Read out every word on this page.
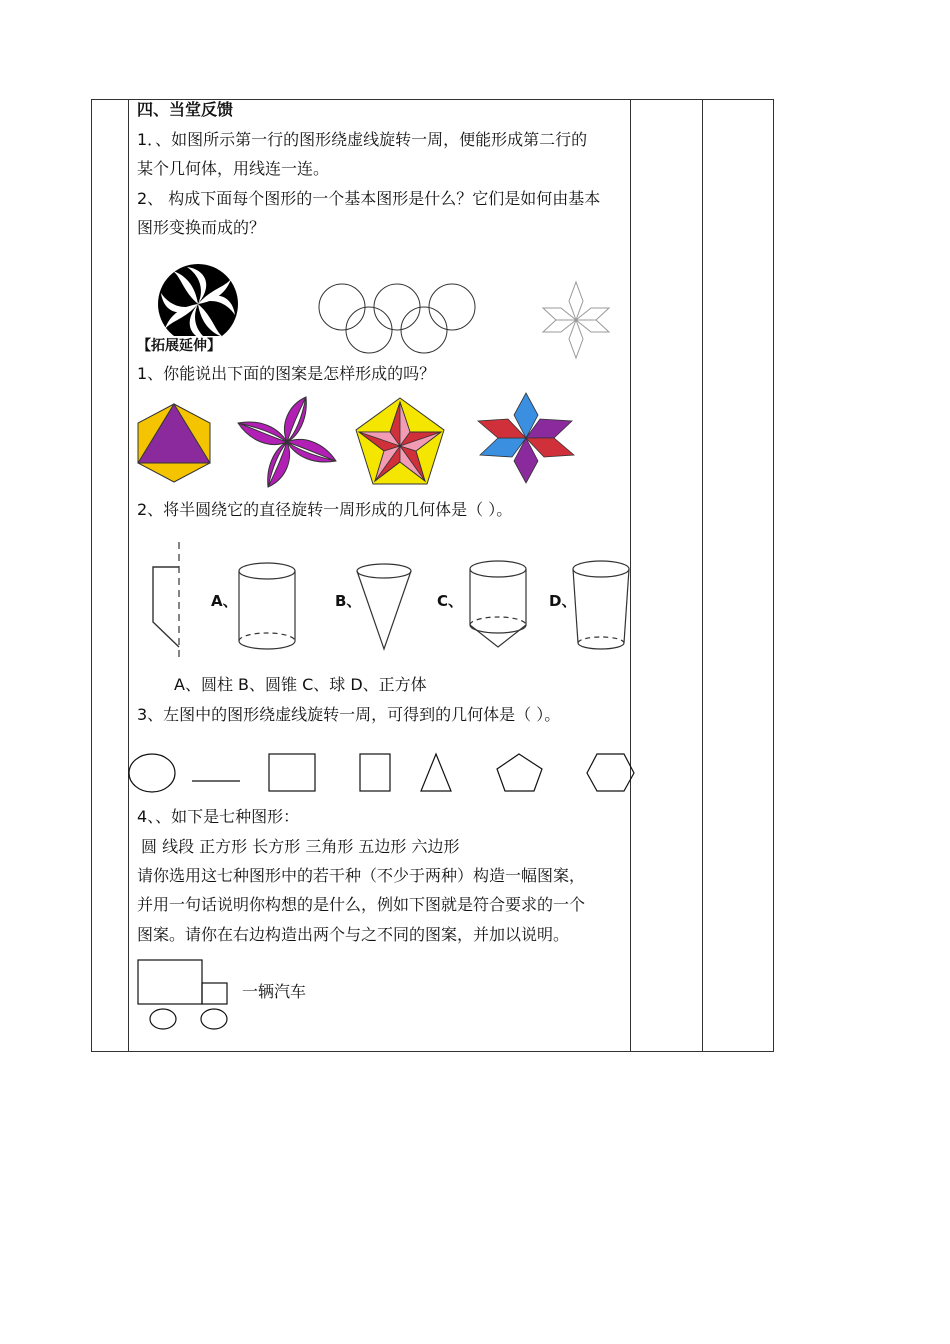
四、当堂反馈
1．、如图所示第一行的图形绕虚线旋转一周，便能形成第二行的
某个几何体，用线连一连。
2、 构成下面每个图形的一个基本图形是什么？它们是如何由基本
图形变换而成的？
【拓展延伸】
1、你能说出下面的图案是怎样形成的吗？
2、将半圆绕它的直径旋转一周形成的几何体是（ ）。
A、	B、	C、	D、
A、圆柱 B、圆锥 C、球 D、正方体
3、左图中的图形绕虚线旋转一周，可得到的几何体是（ ）。
4、、如下是七种图形：
圆 线段 正方形 长方形 三角形 五边形 六边形
请你选用这七种图形中的若干种（不少于两种）构造一幅图案，
并用一句话说明你构想的是什么，例如下图就是符合要求的一个
图案。请你在右边构造出两个与之不同的图案，并加以说明。
一辆汽车
